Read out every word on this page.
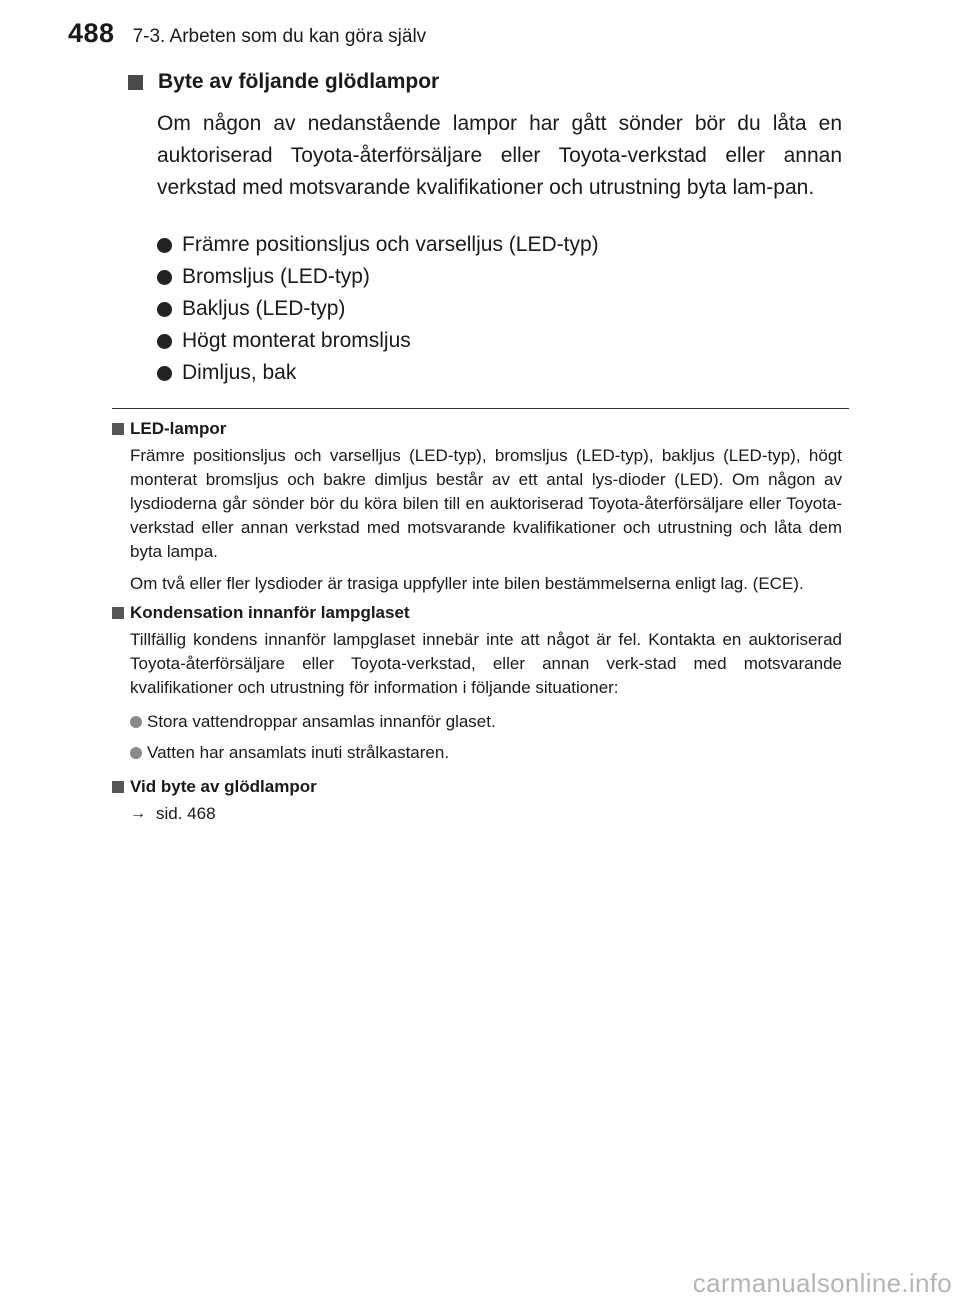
488 7-3. Arbeten som du kan göra själv
Byte av följande glödlampor

Om någon av nedanstående lampor har gått sönder bör du låta en auktoriserad Toyota-återförsäljare eller Toyota-verkstad eller annan verkstad med motsvarande kvalifikationer och utrustning byta lam-pan.

Främre positionsljus och varselljus (LED-typ)
Bromsljus (LED-typ)
Bakljus (LED-typ)
Högt monterat bromsljus
Dimljus, bak
LED-lampor

Främre positionsljus och varselljus (LED-typ), bromsljus (LED-typ), bakljus (LED-typ), högt monterat bromsljus och bakre dimljus består av ett antal lys-dioder (LED). Om någon av lysdioderna går sönder bör du köra bilen till en auktoriserad Toyota-återförsäljare eller Toyota-verkstad eller annan verkstad med motsvarande kvalifikationer och utrustning och låta dem byta lampa.

Om två eller fler lysdioder är trasiga uppfyller inte bilen bestämmelserna enligt lag. (ECE).

Kondensation innanför lampglaset

Tillfällig kondens innanför lampglaset innebär inte att något är fel. Kontakta en auktoriserad Toyota-återförsäljare eller Toyota-verkstad, eller annan verk-stad med motsvarande kvalifikationer och utrustning för information i följande situationer:

Stora vattendroppar ansamlas innanför glaset.
Vatten har ansamlats inuti strålkastaren.
Vid byte av glödlampor
→ sid. 468
carmanualsonline.info
